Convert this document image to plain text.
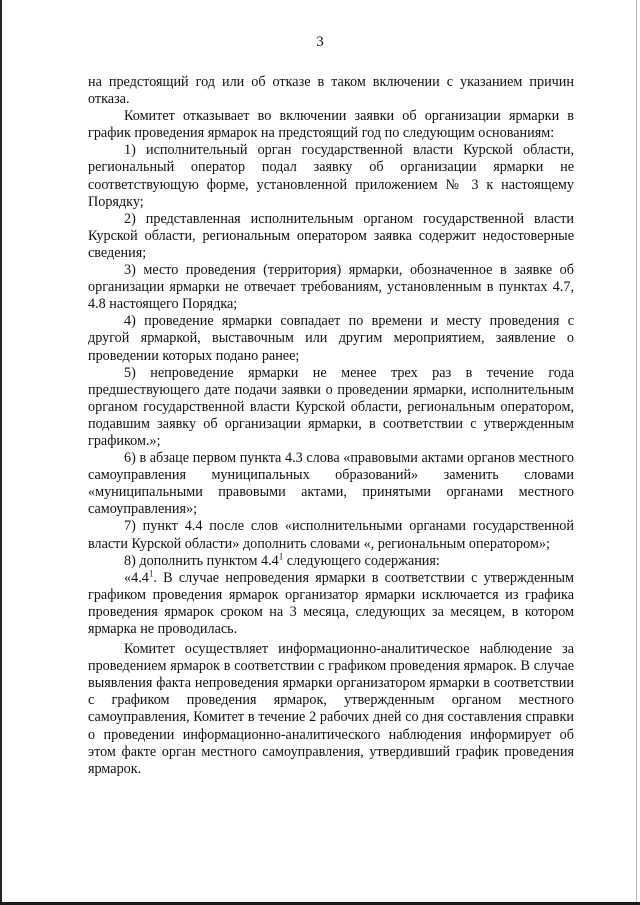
3

на предстоящий год или об отказе в таком включении с указанием причин отказа.

Комитет отказывает во включении заявки об организации ярмарки в график проведения ярмарок на предстоящий год по следующим основаниям:

1) исполнительный орган государственной власти Курской области, региональный оператор подал заявку об организации ярмарки не соответствующую форме, установленной приложением № 3 к настоящему Порядку;

2) представленная исполнительным органом государственной власти Курской области, региональным оператором заявка содержит недостоверные сведения;

3) место проведения (территория) ярмарки, обозначенное в заявке об организации ярмарки не отвечает требованиям, установленным в пунктах 4.7, 4.8 настоящего Порядка;

4) проведение ярмарки совпадает по времени и месту проведения с другой ярмаркой, выставочным или другим мероприятием, заявление о проведении которых подано ранее;

5) непроведение ярмарки не менее трех раз в течение года предшествующего дате подачи заявки о проведении ярмарки, исполнительным органом государственной власти Курской области, региональным оператором, подавшим заявку об организации ярмарки, в соответствии с утвержденным графиком.»;

6) в абзаце первом пункта 4.3 слова «правовыми актами органов местного самоуправления муниципальных образований» заменить словами «муниципальными правовыми актами, принятыми органами местного самоуправления»;

7) пункт 4.4 после слов «исполнительными органами государственной власти Курской области» дополнить словами «, региональным оператором»;

8) дополнить пунктом $4.4^1$ следующего содержания:

«$4.4^1$. В случае непроведения ярмарки в соответствии с утвержденным графиком проведения ярмарок организатор ярмарки исключается из графика проведения ярмарок сроком на 3 месяца, следующих за месяцем, в котором ярмарка не проводилась.

Комитет осуществляет информационно-аналитическое наблюдение за проведением ярмарок в соответствии с графиком проведения ярмарок. В случае выявления факта непроведения ярмарки организатором ярмарки в соответствии с графиком проведения ярмарок, утвержденным органом местного самоуправления, Комитет в течение 2 рабочих дней со дня составления справки о проведении информационно-аналитического наблюдения информирует об этом факте орган местного самоуправления, утвердивший график проведения ярмарок.
